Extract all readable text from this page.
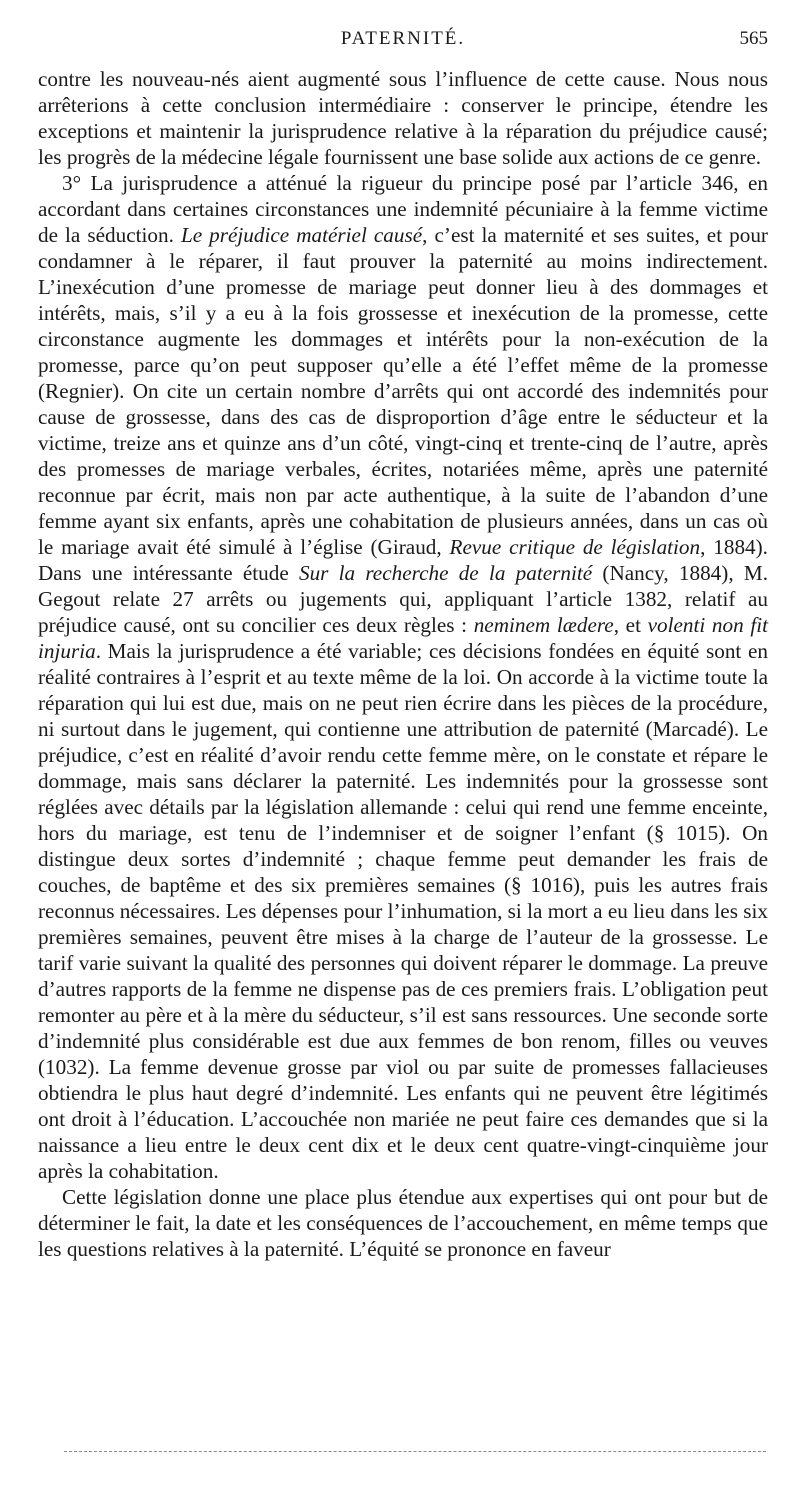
PATERNITÉ.	565

contre les nouveau-nés aient augmenté sous l’influence de cette cause. Nous nous arrêterions à cette conclusion intermédiaire : conserver le principe, étendre les exceptions et maintenir la jurisprudence relative à la réparation du préjudice causé; les progrès de la médecine légale fournissent une base solide aux actions de ce genre.

3° La jurisprudence a atténué la rigueur du principe posé par l’article 346, en accordant dans certaines circonstances une indemnité pécuniaire à la femme victime de la séduction. Le préjudice matériel causé, c’est la maternité et ses suites, et pour condamner à le réparer, il faut prouver la paternité au moins indirectement. L’inexécution d’une promesse de mariage peut donner lieu à des dommages et intérêts, mais, s’il y a eu à la fois grossesse et inexécution de la promesse, cette circonstance augmente les dommages et intérêts pour la non-exécution de la promesse, parce qu’on peut supposer qu’elle a été l’effet même de la promesse (Regnier). On cite un certain nombre d’arrêts qui ont accordé des indemnités pour cause de grossesse, dans des cas de disproportion d’âge entre le séducteur et la victime, treize ans et quinze ans d’un côté, vingt-cinq et trente-cinq de l’autre, après des promesses de mariage verbales, écrites, notariées même, après une paternité reconnue par écrit, mais non par acte authentique, à la suite de l’abandon d’une femme ayant six enfants, après une cohabitation de plusieurs années, dans un cas où le mariage avait été simulé à l’église (Giraud, Revue critique de législation, 1884). Dans une intéressante étude Sur la recherche de la paternité (Nancy, 1884), M. Gegout relate 27 arrêts ou jugements qui, appliquant l’article 1382, relatif au préjudice causé, ont su concilier ces deux règles : neminem lædere, et volenti non fit injuria. Mais la jurisprudence a été variable; ces décisions fondées en équité sont en réalité contraires à l’esprit et au texte même de la loi. On accorde à la victime toute la réparation qui lui est due, mais on ne peut rien écrire dans les pièces de la procédure, ni surtout dans le jugement, qui contienne une attribution de paternité (Marcadé). Le préjudice, c’est en réalité d’avoir rendu cette femme mère, on le constate et répare le dommage, mais sans déclarer la paternité. Les indemnités pour la grossesse sont réglées avec détails par la législation allemande : celui qui rend une femme enceinte, hors du mariage, est tenu de l’indemniser et de soigner l’enfant (§ 1015). On distingue deux sortes d’indemnité ; chaque femme peut demander les frais de couches, de baptême et des six premières semaines (§ 1016), puis les autres frais reconnus nécessaires. Les dépenses pour l’inhumation, si la mort a eu lieu dans les six premières semaines, peuvent être mises à la charge de l’auteur de la grossesse. Le tarif varie suivant la qualité des personnes qui doivent réparer le dommage. La preuve d’autres rapports de la femme ne dispense pas de ces premiers frais. L’obligation peut remonter au père et à la mère du séducteur, s’il est sans ressources. Une seconde sorte d’indemnité plus considérable est due aux femmes de bon renom, filles ou veuves (1032). La femme devenue grosse par viol ou par suite de promesses fallacieuses obtiendra le plus haut degré d’indemnité. Les enfants qui ne peuvent être légitimés ont droit à l’éducation. L’accouchée non mariée ne peut faire ces demandes que si la naissance a lieu entre le deux cent dix et le deux cent quatre-vingt-cinquième jour après la cohabitation.

Cette législation donne une place plus étendue aux expertises qui ont pour but de déterminer le fait, la date et les conséquences de l’accouchement, en même temps que les questions relatives à la paternité. L’équité se prononce en faveur
